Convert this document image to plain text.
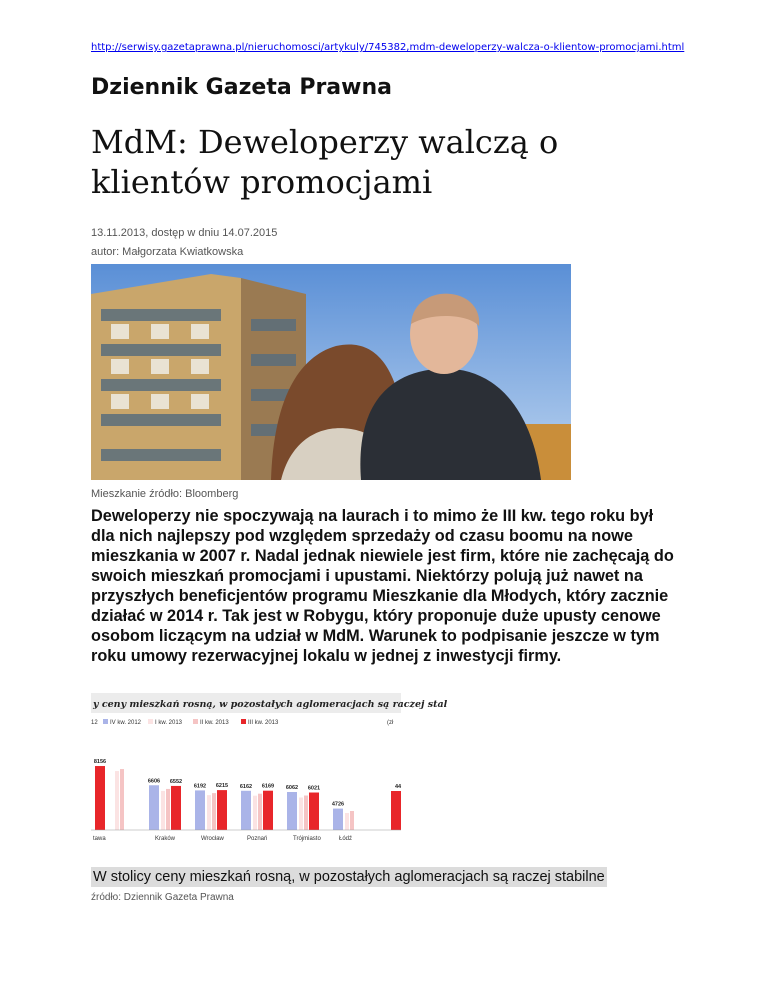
http://serwisy.gazetaprawna.pl/nieruchomosci/artykuly/745382,mdm-deweloperzy-walcza-o-klientow-promocjami.html
Dziennik Gazeta Prawna
MdM: Deweloperzy walczą o klientów promocjami
13.11.2013, dostęp w dniu 14.07.2015
autor: Małgorzata Kwiatkowska
Mieszkanie źródło: Bloomberg

Deweloperzy nie spoczywają na laurach i to mimo że III kw. tego roku był dla nich najlepszy pod względem sprzedaży od czasu boomu na nowe mieszkania w 2007 r. Nadal jednak niewiele jest firm, które nie zachęcają do swoich mieszkań promocjami i upustami. Niektórzy polują już nawet na przyszłych beneficjentów programu Mieszkanie dla Młodych, który zacznie działać w 2014 r. Tak jest w Robygu, który proponuje duże upusty cenowe osobom liczącym na udział w MdM. Warunek to podpisanie jeszcze w tym roku umowy rezerwacyjnej lokalu w jednej z inwestycji firmy.

y ceny mieszkań rosną, w pozostałych aglomeracjach są raczej stal
12 IV kw. 2012 I kw. 2013	II kw. 2013	III kw. 2013	(zł
8156
6606 6552
6192 6215 6162 6169 6062 6021
4726
44
tawa	Kraków	Wrocław	Poznań	Trójmiasto	Łódź
W stolicy ceny mieszkań rosną, w pozostałych aglomeracjach są raczej stabilne
źródło: Dziennik Gazeta Prawna
